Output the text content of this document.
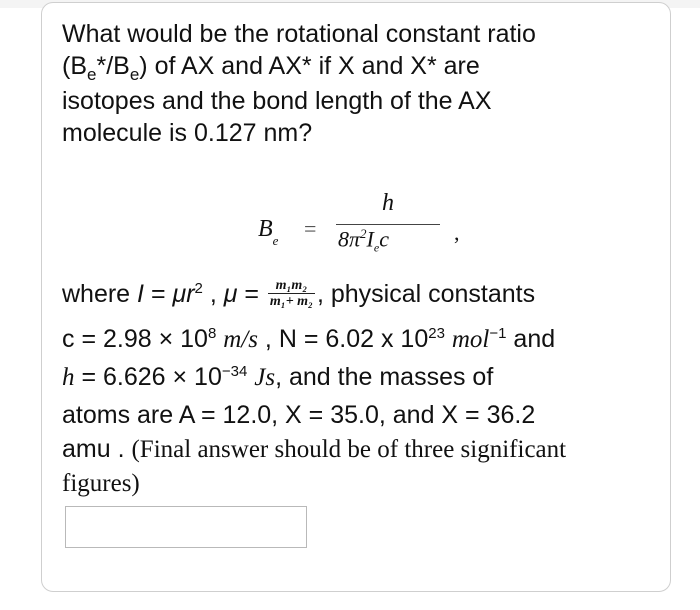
What would be the rotational constant ratio
$(B_e*/B_e)$ of AX and AX* if X and X* are
isotopes and the bond length of the AX
molecule is 0.127 nm?
$B_e$ =
h
$8\pi^2I_ec$	,
where $I = \mu r^2$ , $\mu = \frac{\text{m₁m₂}}{\text{m₁+ m₂}}$ , physical constants
$c = 2.98 \times 10^8$ m/s , N = 6.02 x $10^{23}$ mol$^{-1}$ and
$h = 6.626 \times 10^{-34}$ Js, and the masses of
atoms are A = 12.0, X = 35.0, and X = 36.2
amu . (Final answer should be of three significant
figures)
